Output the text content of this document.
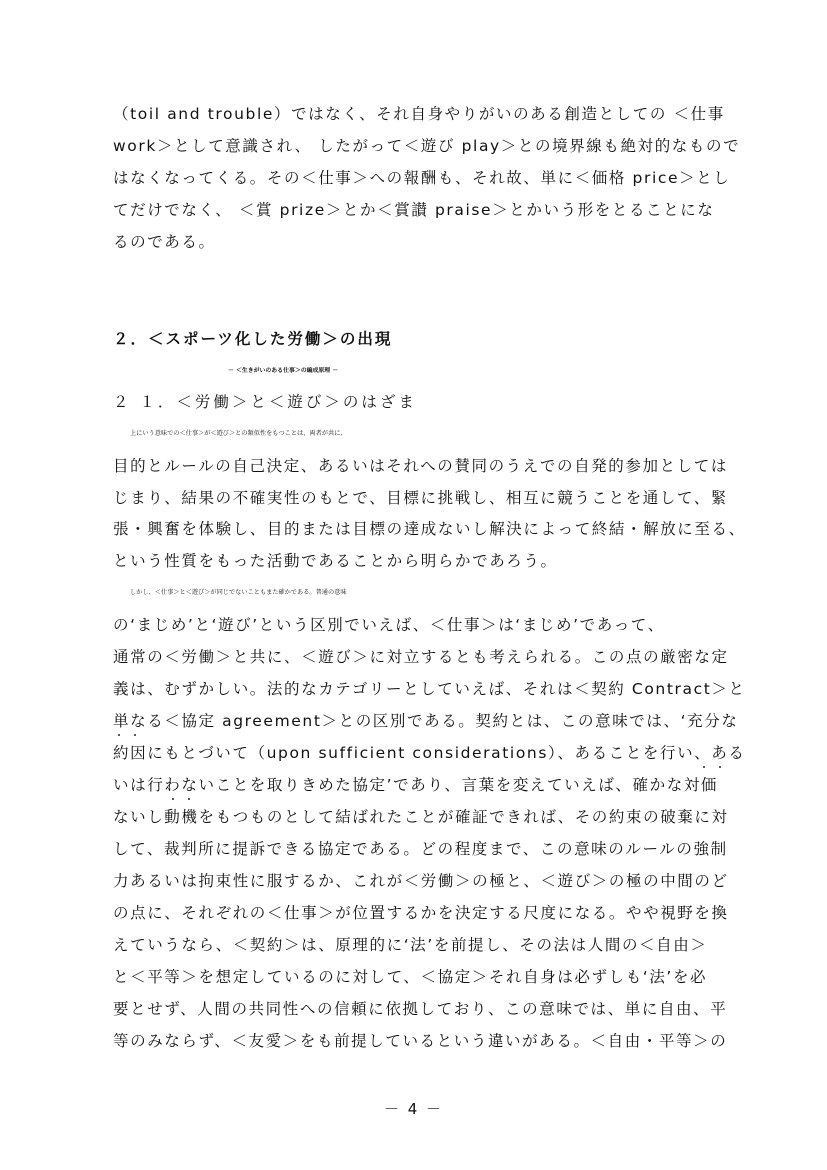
（toil and trouble）ではなく、それ自身やりがいのある創造としての ＜仕事
work＞として意識され、 したがって＜遊び play＞との境界線も絶対的なもので
はなくなってくる。その＜仕事＞への報酬も、それ故、単に＜価格 price＞とし
てだけでなく、 ＜賞 prize＞とか＜賞讃 praise＞とかいう形をとることにな
るのである。
２．＜スポーツ化した労働＞の出現
－ ＜生きがいのある仕事＞の編成原理 －
２ １．＜労働＞と＜遊び＞のはざま
上にいう意味での＜仕事＞が＜遊び＞との類似性をもつことは、両者が共に、
目的とルールの自己決定、あるいはそれへの賛同のうえでの自発的参加としては
じまり、結果の不確実性のもとで、目標に挑戦し、相互に競うことを通して、緊
張・興奮を体験し、目的または目標の達成ないし解決によって終結・解放に至る、
という性質をもった活動であることから明らかであろう。
しかし、＜仕事＞と＜遊び＞が同じでないこともまた確かである。普通の意味
の‘まじめ’と‘遊び’という区別でいえば、＜仕事＞は‘まじめ’であって、
通常の＜労働＞と共に、＜遊び＞に対立するとも考えられる。この点の厳密な定
義は、むずかしい。法的なカテゴリーとしていえば、それは＜契約 Contract＞と
単なる＜協定 agreement＞との区別である。契約とは、この意味では、‘充分な
約因にもとづいて（upon sufficient considerations）、あることを行い、ある
いは行わないことを取りきめた協定’であり、言葉を変えていえば、確かな対価
ないし動機をもつものとして結ばれたことが確証できれば、その約束の破棄に対
して、裁判所に提訴できる協定である。どの程度まで、この意味のルールの強制
力あるいは拘束性に服するか、これが＜労働＞の極と、＜遊び＞の極の中間のど
の点に、それぞれの＜仕事＞が位置するかを決定する尺度になる。やや視野を換
えていうなら、＜契約＞は、原理的に‘法’を前提し、その法は人間の＜自由＞
と＜平等＞を想定しているのに対して、＜協定＞それ自身は必ずしも‘法’を必
要とせず、人間の共同性への信頼に依拠しており、この意味では、単に自由、平
等のみならず、＜友愛＞をも前提しているという違いがある。＜自由・平等＞の
－ 4 －
